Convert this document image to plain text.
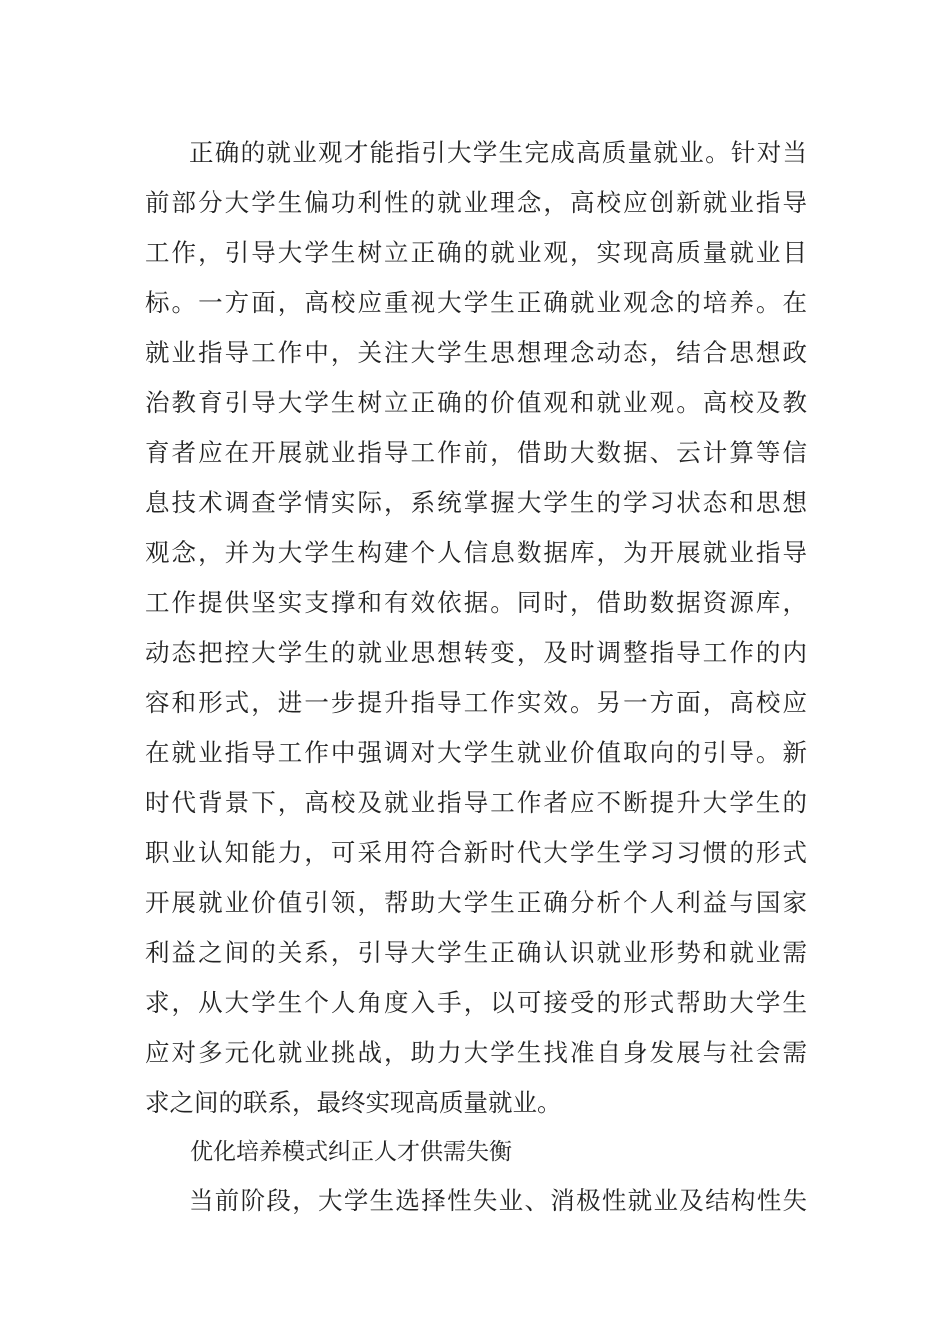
正确的就业观才能指引大学生完成高质量就业。针对当
前部分大学生偏功利性的就业理念，高校应创新就业指导
工作，引导大学生树立正确的就业观，实现高质量就业目
标。一方面，高校应重视大学生正确就业观念的培养。在
就业指导工作中，关注大学生思想理念动态，结合思想政
治教育引导大学生树立正确的价值观和就业观。高校及教
育者应在开展就业指导工作前，借助大数据、云计算等信
息技术调查学情实际，系统掌握大学生的学习状态和思想
观念，并为大学生构建个人信息数据库，为开展就业指导
工作提供坚实支撑和有效依据。同时，借助数据资源库，
动态把控大学生的就业思想转变，及时调整指导工作的内
容和形式，进一步提升指导工作实效。另一方面，高校应
在就业指导工作中强调对大学生就业价值取向的引导。新
时代背景下，高校及就业指导工作者应不断提升大学生的
职业认知能力，可采用符合新时代大学生学习习惯的形式
开展就业价值引领，帮助大学生正确分析个人利益与国家
利益之间的关系，引导大学生正确认识就业形势和就业需
求，从大学生个人角度入手，以可接受的形式帮助大学生
应对多元化就业挑战，助力大学生找准自身发展与社会需
求之间的联系，最终实现高质量就业。
优化培养模式纠正人才供需失衡
当前阶段，大学生选择性失业、消极性就业及结构性失
